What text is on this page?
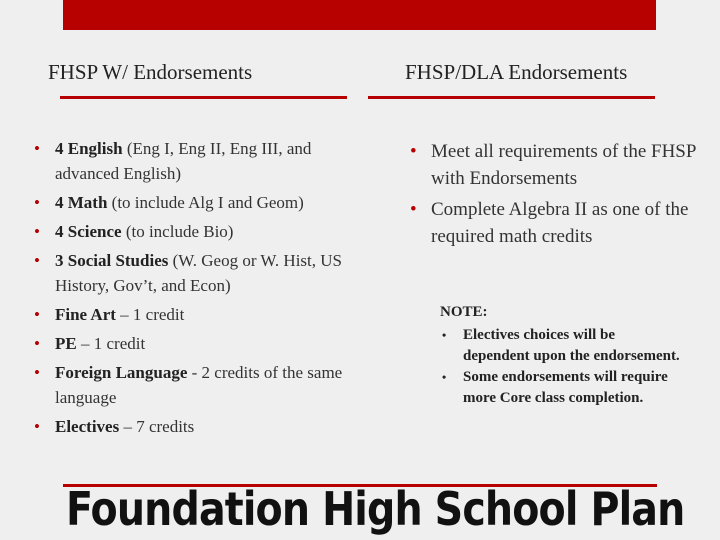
FHSP W/ Endorsements	FHSP/DLA Endorsements
• 4 English (Eng I, Eng II, Eng III, and advanced English)
• 4 Math (to include Alg I and Geom)
• 4 Science (to include Bio)
• 3 Social Studies (W. Geog or W. Hist, US History, Gov’t, and Econ)
• Fine Art – 1 credit
• PE – 1 credit
• Foreign Language - 2 credits of the same language
• Electives – 7 credits
• Meet all requirements of the FHSP with Endorsements
• Complete Algebra II as one of the required math credits
NOTE:
• Electives choices will be dependent upon the endorsement.
• Some endorsements will require more Core class completion.
Foundation High School Plan
